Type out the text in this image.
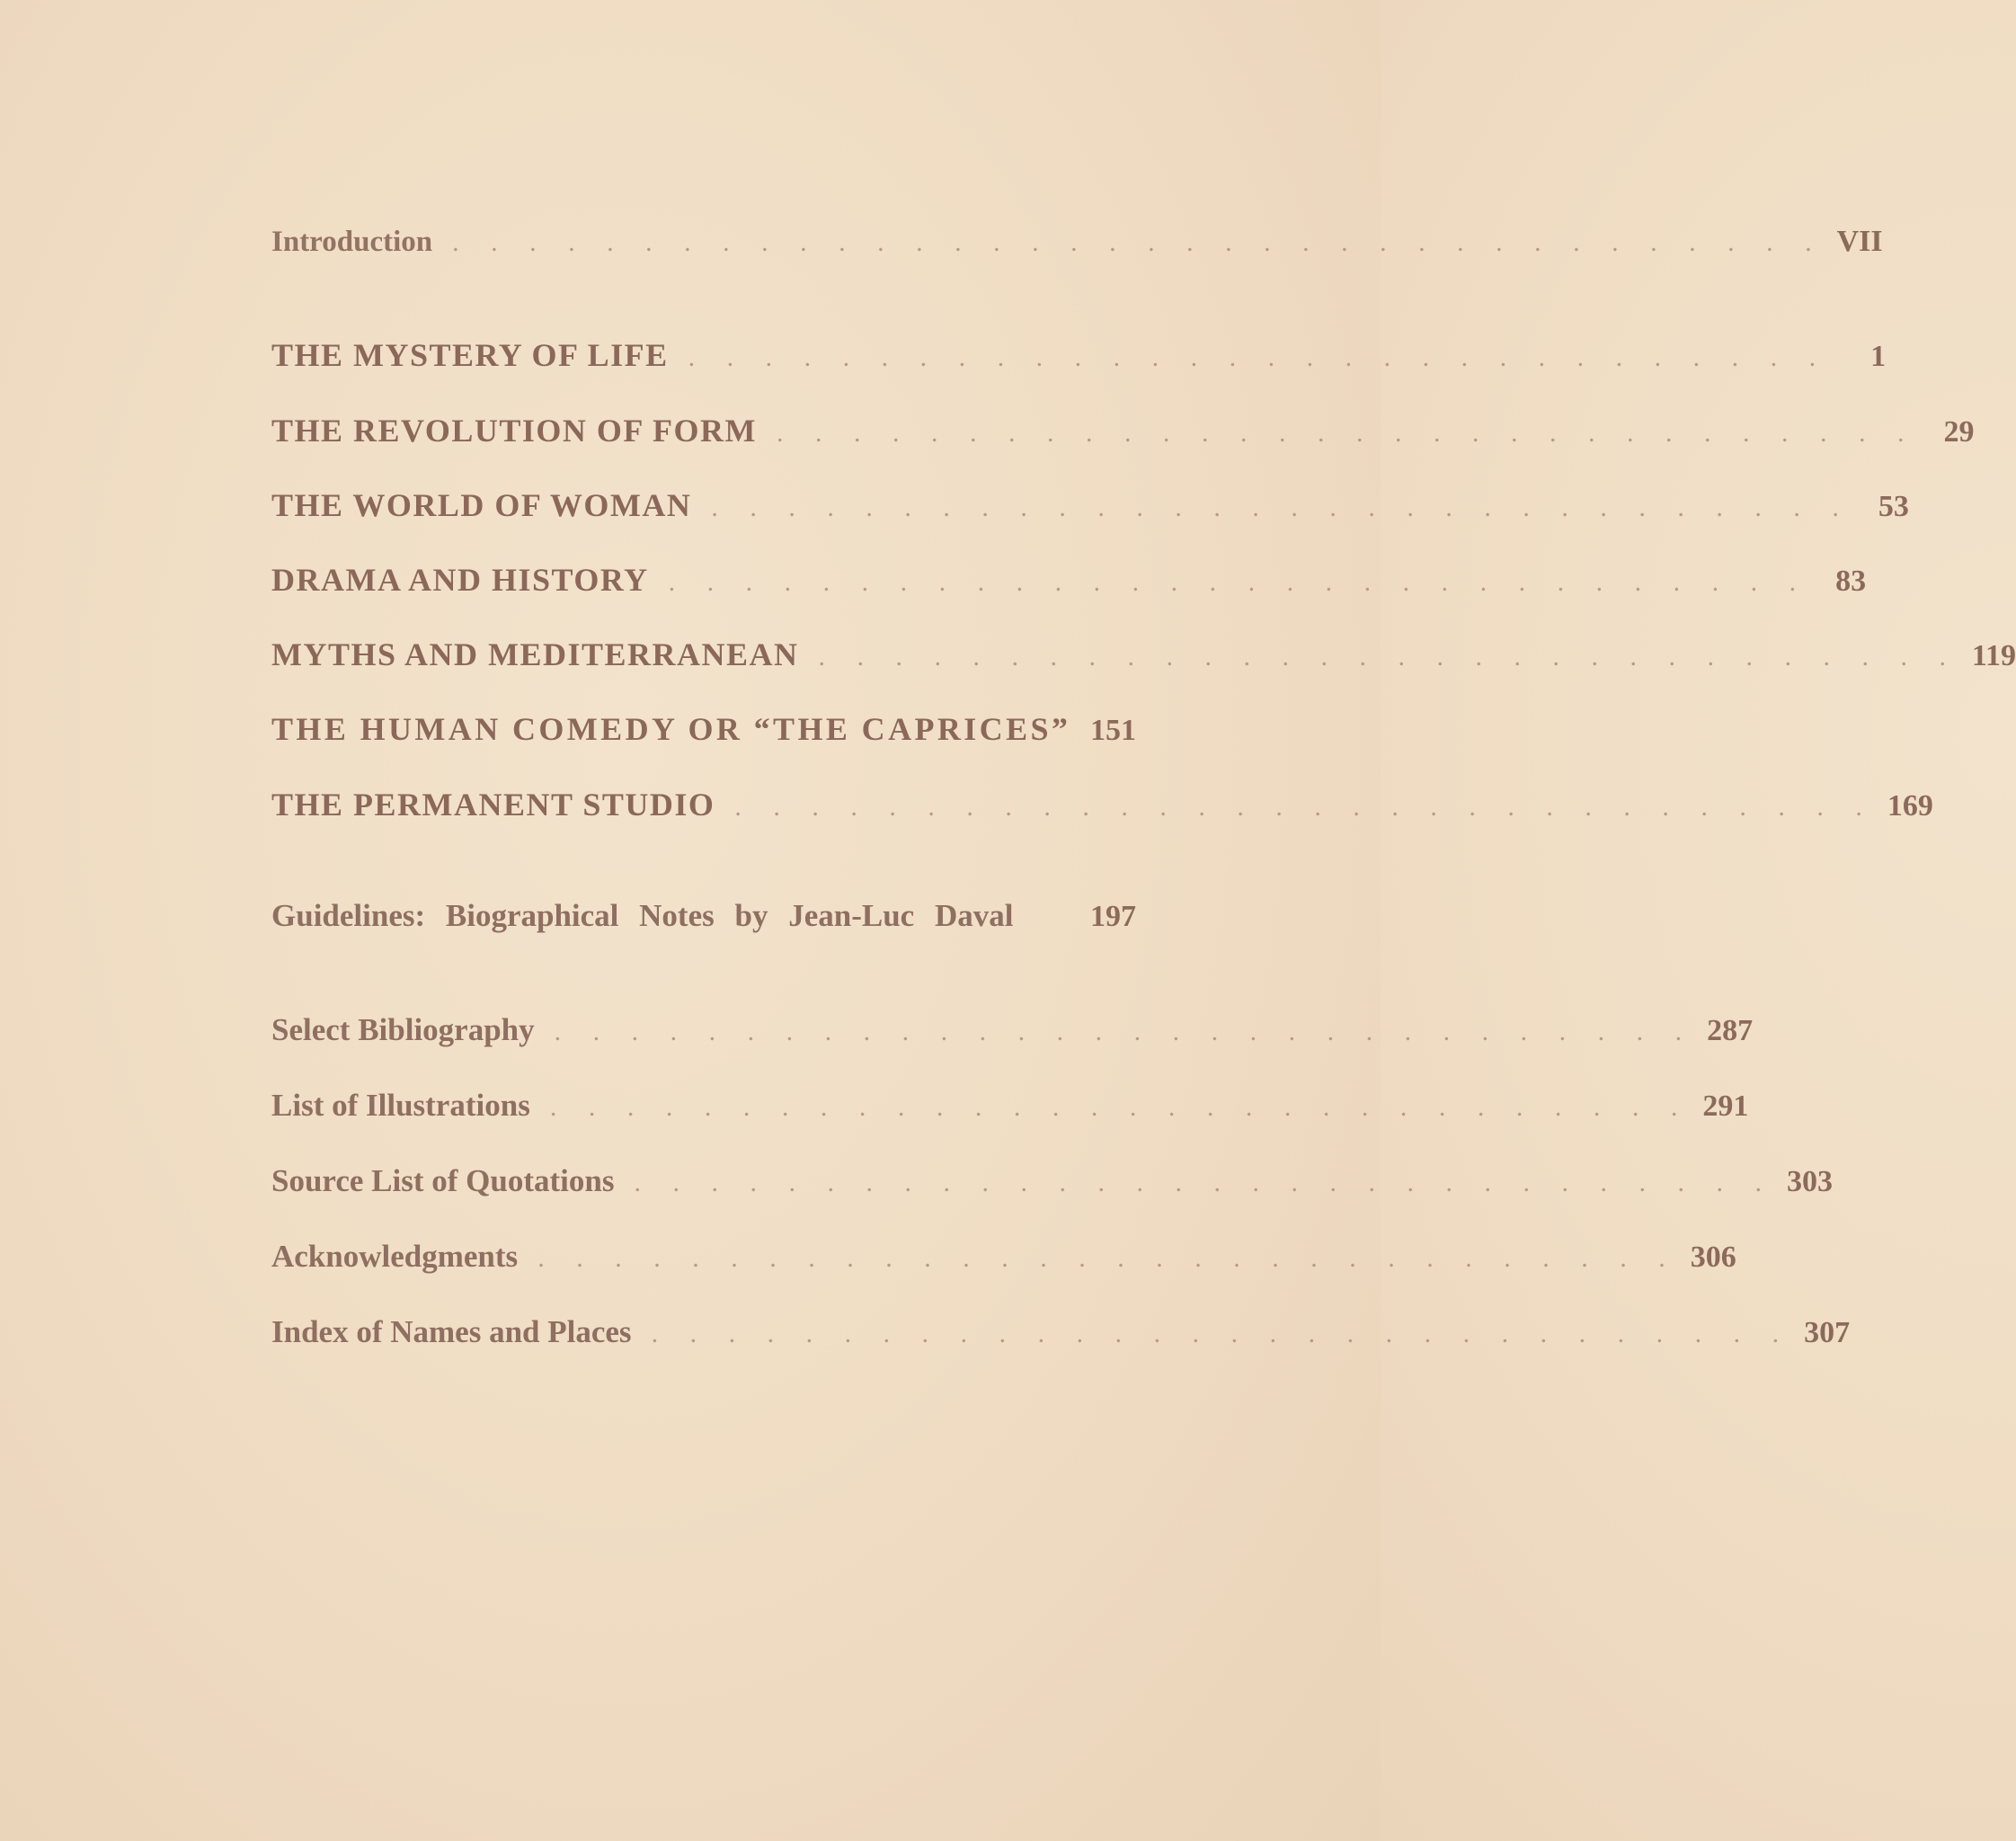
Introduction . . . . . . . . . . . . . . . . . . . . . . . . . . . . . . . . . . . . VII
THE MYSTERY OF LIFE . . . . . . . . . . . . . . . . . . . . . . . . . . . . . .	1
THE REVOLUTION OF FORM . . . . . . . . . . . . . . . . . . . . . . . . . . . . . . 29
THE WORLD OF WOMAN . . . . . . . . . . . . . . . . . . . . . . . . . . . . . . 53
DRAMA AND HISTORY . . . . . . . . . . . . . . . . . . . . . . . . . . . . . . 83
MYTHS AND MEDITERRANEAN . . . . . . . . . . . . . . . . . . . . . . . . . . . . . . 119
THE HUMAN COMEDY OR “THE CAPRICES” 151
THE PERMANENT STUDIO . . . . . . . . . . . . . . . . . . . . . . . . . . . . . . 169
Guidelines: Biographical Notes by Jean-Luc Daval	197
Select Bibliography . . . . . . . . . . . . . . . . . . . . . . . . . . . . . . 287
List of Illustrations . . . . . . . . . . . . . . . . . . . . . . . . . . . . . . 291
Source List of Quotations . . . . . . . . . . . . . . . . . . . . . . . . . . . . . . 303
Acknowledgments . . . . . . . . . . . . . . . . . . . . . . . . . . . . . . 306
Index of Names and Places . . . . . . . . . . . . . . . . . . . . . . . . . . . . . . 307
